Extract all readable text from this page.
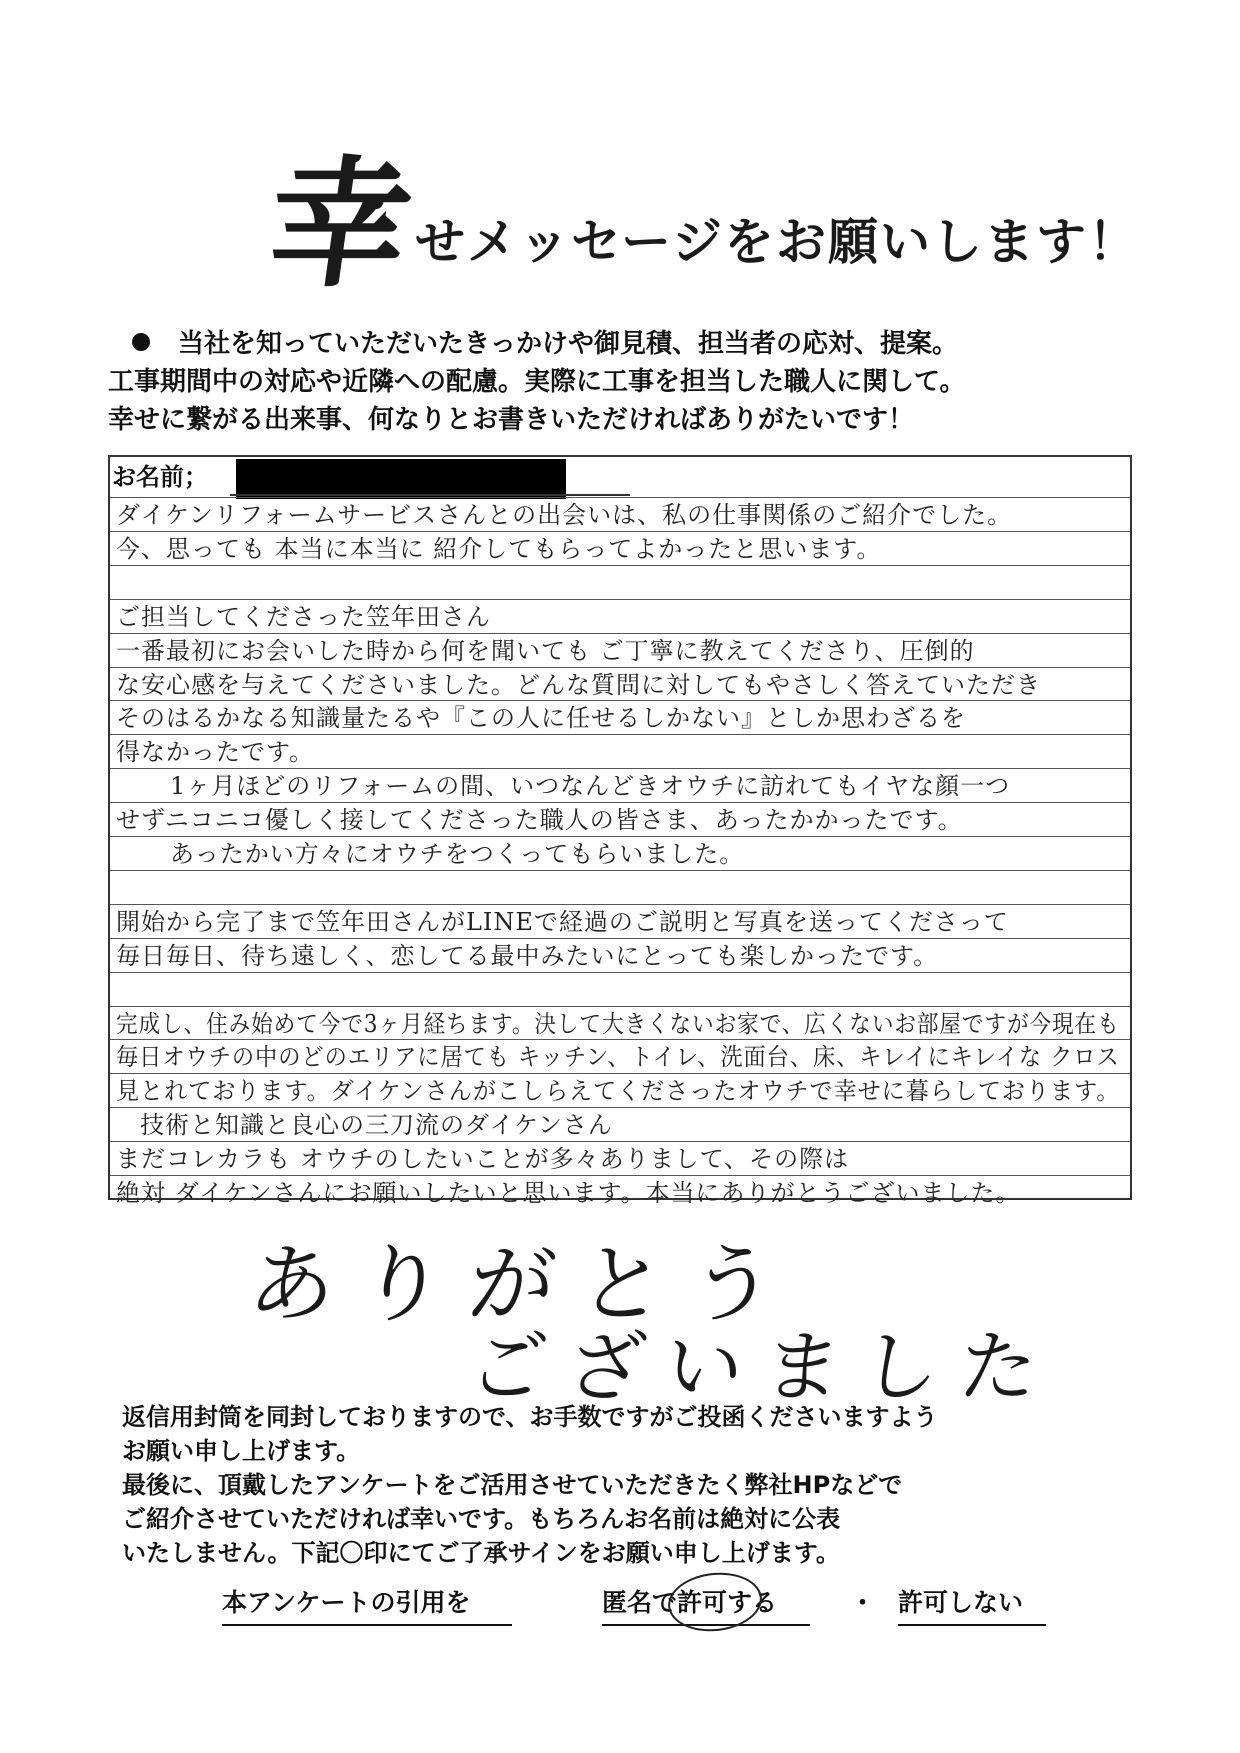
幸
せメッセージをお願いします！
当社を知っていただいたきっかけや御見積、担当者の応対、提案。
工事期間中の対応や近隣への配慮。実際に工事を担当した職人に関して。
幸せに繋がる出来事、何なりとお書きいただければありがたいです！
お名前；
ダイケンリフォームサービスさんとの出会いは、私の仕事関係のご紹介でした。
今、思っても 本当に本当に 紹介してもらってよかったと思います。
ご担当してくださった笠年田さん
一番最初にお会いした時から何を聞いても ご丁寧に教えてくださり、圧倒的
な安心感を与えてくださいました。どんな質問に対してもやさしく答えていただき
そのはるかなる知識量たるや『この人に任せるしかない』としか思わざるを
得なかったです。
1ヶ月ほどのリフォームの間、いつなんどきオウチに訪れてもイヤな顔一つ
せずニコニコ優しく接してくださった職人の皆さま、あったかかったです。
あったかい方々にオウチをつくってもらいました。
開始から完了まで笠年田さんがLINEで経過のご説明と写真を送ってくださって
毎日毎日、待ち遠しく、恋してる最中みたいにとっても楽しかったです。
完成し、住み始めて今で3ヶ月経ちます。決して大きくないお家で、広くないお部屋ですが今現在も
毎日オウチの中のどのエリアに居ても キッチン、トイレ、洗面台、床、キレイにキレイな クロス
見とれております。ダイケンさんがこしらえてくださったオウチで幸せに暮らしております。
技術と知識と良心の三刀流のダイケンさん
まだコレカラも オウチのしたいことが多々ありまして、その際は
絶対 ダイケンさんにお願いしたいと思います。本当にありがとうございました。
ありがとう
ございました
返信用封筒を同封しておりますので、お手数ですがご投函くださいますよう
お願い申し上げます。
最後に、頂戴したアンケートをご活用させていただきたく弊社HPなどで
ご紹介させていただければ幸いです。もちろんお名前は絶対に公表
いたしません。下記〇印にてご了承サインをお願い申し上げます。
本アンケートの引用を	匿名で許可する	・ 許可しない
